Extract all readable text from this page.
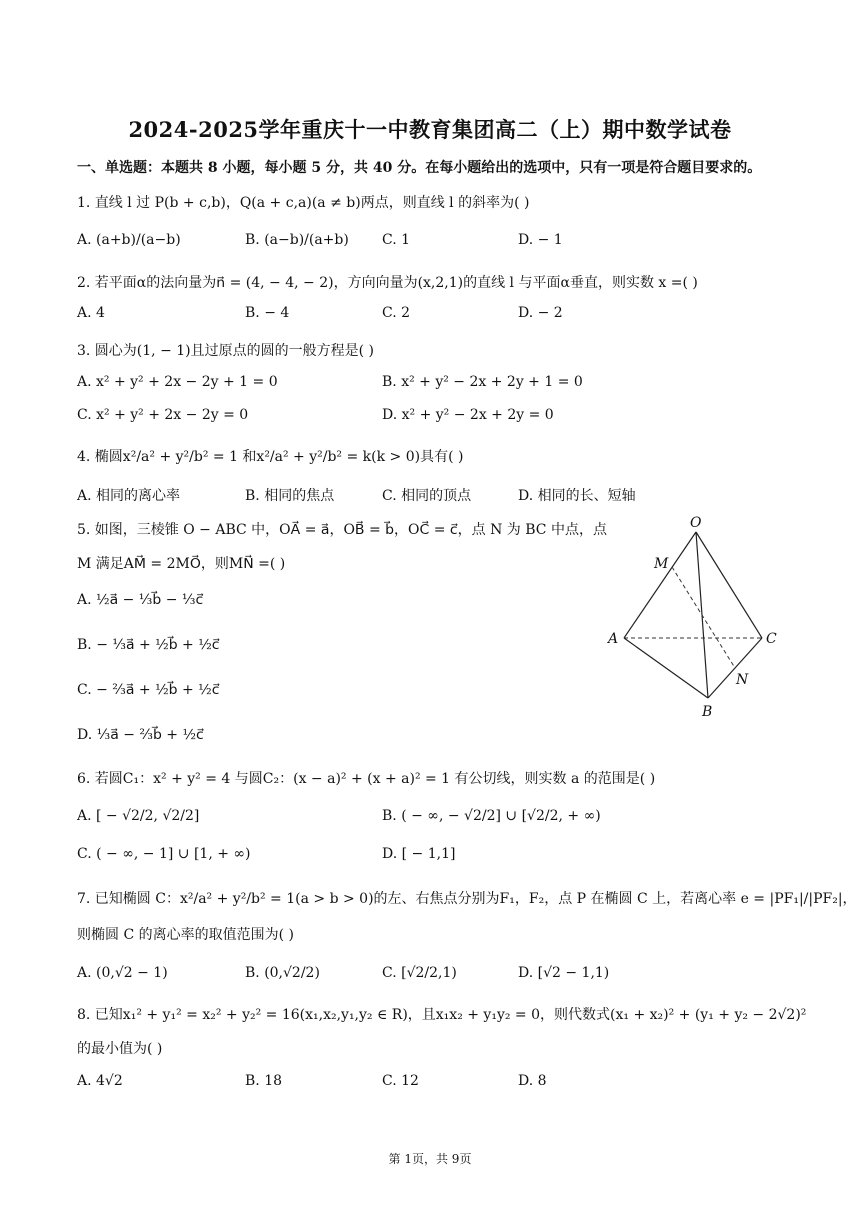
2024-2025学年重庆十一中教育集团高二（上）期中数学试卷
一、单选题：本题共 8 小题，每小题 5 分，共 40 分。在每小题给出的选项中，只有一项是符合题目要求的。
1. 直线 l 过 P(b + c,b)，Q(a + c,a)(a ≠ b)两点，则直线 l 的斜率为( )
A. (a+b)/(a−b)	B. (a−b)/(a+b) C. 1	D. − 1
2. 若平面α的法向量为n⃗ = (4, − 4, − 2)，方向向量为(x,2,1)的直线 l 与平面α垂直，则实数 x =( )
A. 4	B. − 4	C. 2	D. − 2
3. 圆心为(1, − 1)且过原点的圆的一般方程是( )
A. x² + y² + 2x − 2y + 1 = 0	B. x² + y² − 2x + 2y + 1 = 0
C. x² + y² + 2x − 2y = 0	D. x² + y² − 2x + 2y = 0
4. 椭圆x²/a² + y²/b² = 1 和x²/a² + y²/b² = k(k > 0)具有( )
A. 相同的离心率	B. 相同的焦点	C. 相同的顶点	D. 相同的长、短轴
5. 如图，三棱锥 O − ABC 中，OA⃗ = a⃗，OB⃗ = b⃗，OC⃗ = c⃗，点 N 为 BC 中点，点
M 满足AM⃗ = 2MO⃗，则MN⃗ =( )
A. ½a⃗ − ⅓b⃗ − ⅓c⃗
B. − ⅓a⃗ + ½b⃗ + ½c⃗
C. − ⅔a⃗ + ½b⃗ + ½c⃗
D. ⅓a⃗ − ⅔b⃗ + ½c⃗
O
M
A	C
N
B
6. 若圆C₁：x² + y² = 4 与圆C₂：(x − a)² + (x + a)² = 1 有公切线，则实数 a 的范围是( )
A. [ − √2/2, √2/2]	B. ( − ∞, − √2/2] ∪ [√2/2, + ∞)
C. ( − ∞, − 1] ∪ [1, + ∞)	D. [ − 1,1]
7. 已知椭圆 C：x²/a² + y²/b² = 1(a > b > 0)的左、右焦点分别为F₁，F₂，点 P 在椭圆 C 上，若离心率 e = |PF₁|/|PF₂|，
则椭圆 C 的离心率的取值范围为( )
A. (0,√2 − 1)	B. (0,√2/2)	C. [√2/2,1)	D. [√2 − 1,1)
8. 已知x₁² + y₁² = x₂² + y₂² = 16(x₁,x₂,y₁,y₂ ∈ R)，且x₁x₂ + y₁y₂ = 0，则代数式(x₁ + x₂)² + (y₁ + y₂ − 2√2)²
的最小值为( )
A. 4√2	B. 18	C. 12	D. 8
第 1页，共 9页
